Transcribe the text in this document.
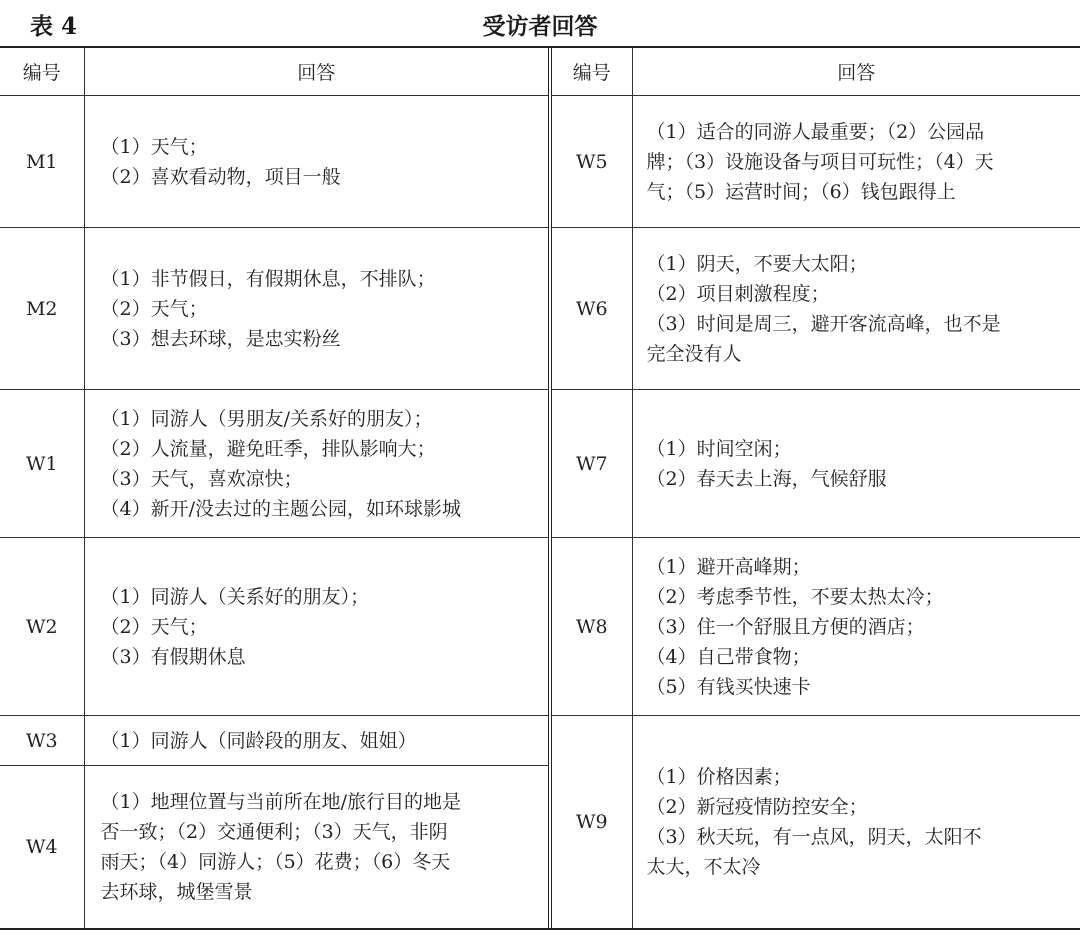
表 4	受访者回答
编号	回答
M1	（1）天气；
（2）喜欢看动物，项目一般

M2	（1）非节假日，有假期休息，不排队；
（2）天气；
（3）想去环球，是忠实粉丝

W1	（1）同游人（男朋友/关系好的朋友）；
（2）人流量，避免旺季，排队影响大；
（3）天气，喜欢凉快；
（4）新开/没去过的主题公园，如环球影城

W2	（1）同游人（关系好的朋友）；
（2）天气；
（3）有假期休息

W3	（1）同游人（同龄段的朋友、姐姐）

W4	（1）地理位置与当前所在地/旅行目的地是
否一致；（2）交通便利；（3）天气，非阴
雨天；（4）同游人；（5）花费；（6）冬天
去环球，城堡雪景
编号	回答
W5	（1）适合的同游人最重要；（2）公园品
牌；（3）设施设备与项目可玩性；（4）天
气；（5）运营时间；（6）钱包跟得上

W6	（1）阴天，不要大太阳；
（2）项目刺激程度；
（3）时间是周三，避开客流高峰，也不是
完全没有人

W7	（1）时间空闲；
（2）春天去上海，气候舒服

W8	（1）避开高峰期；
（2）考虑季节性，不要太热太冷；
（3）住一个舒服且方便的酒店；
（4）自己带食物；
（5）有钱买快速卡

W9	（1）价格因素；
（2）新冠疫情防控安全；
（3）秋天玩，有一点风，阴天，太阳不
太大，不太冷
